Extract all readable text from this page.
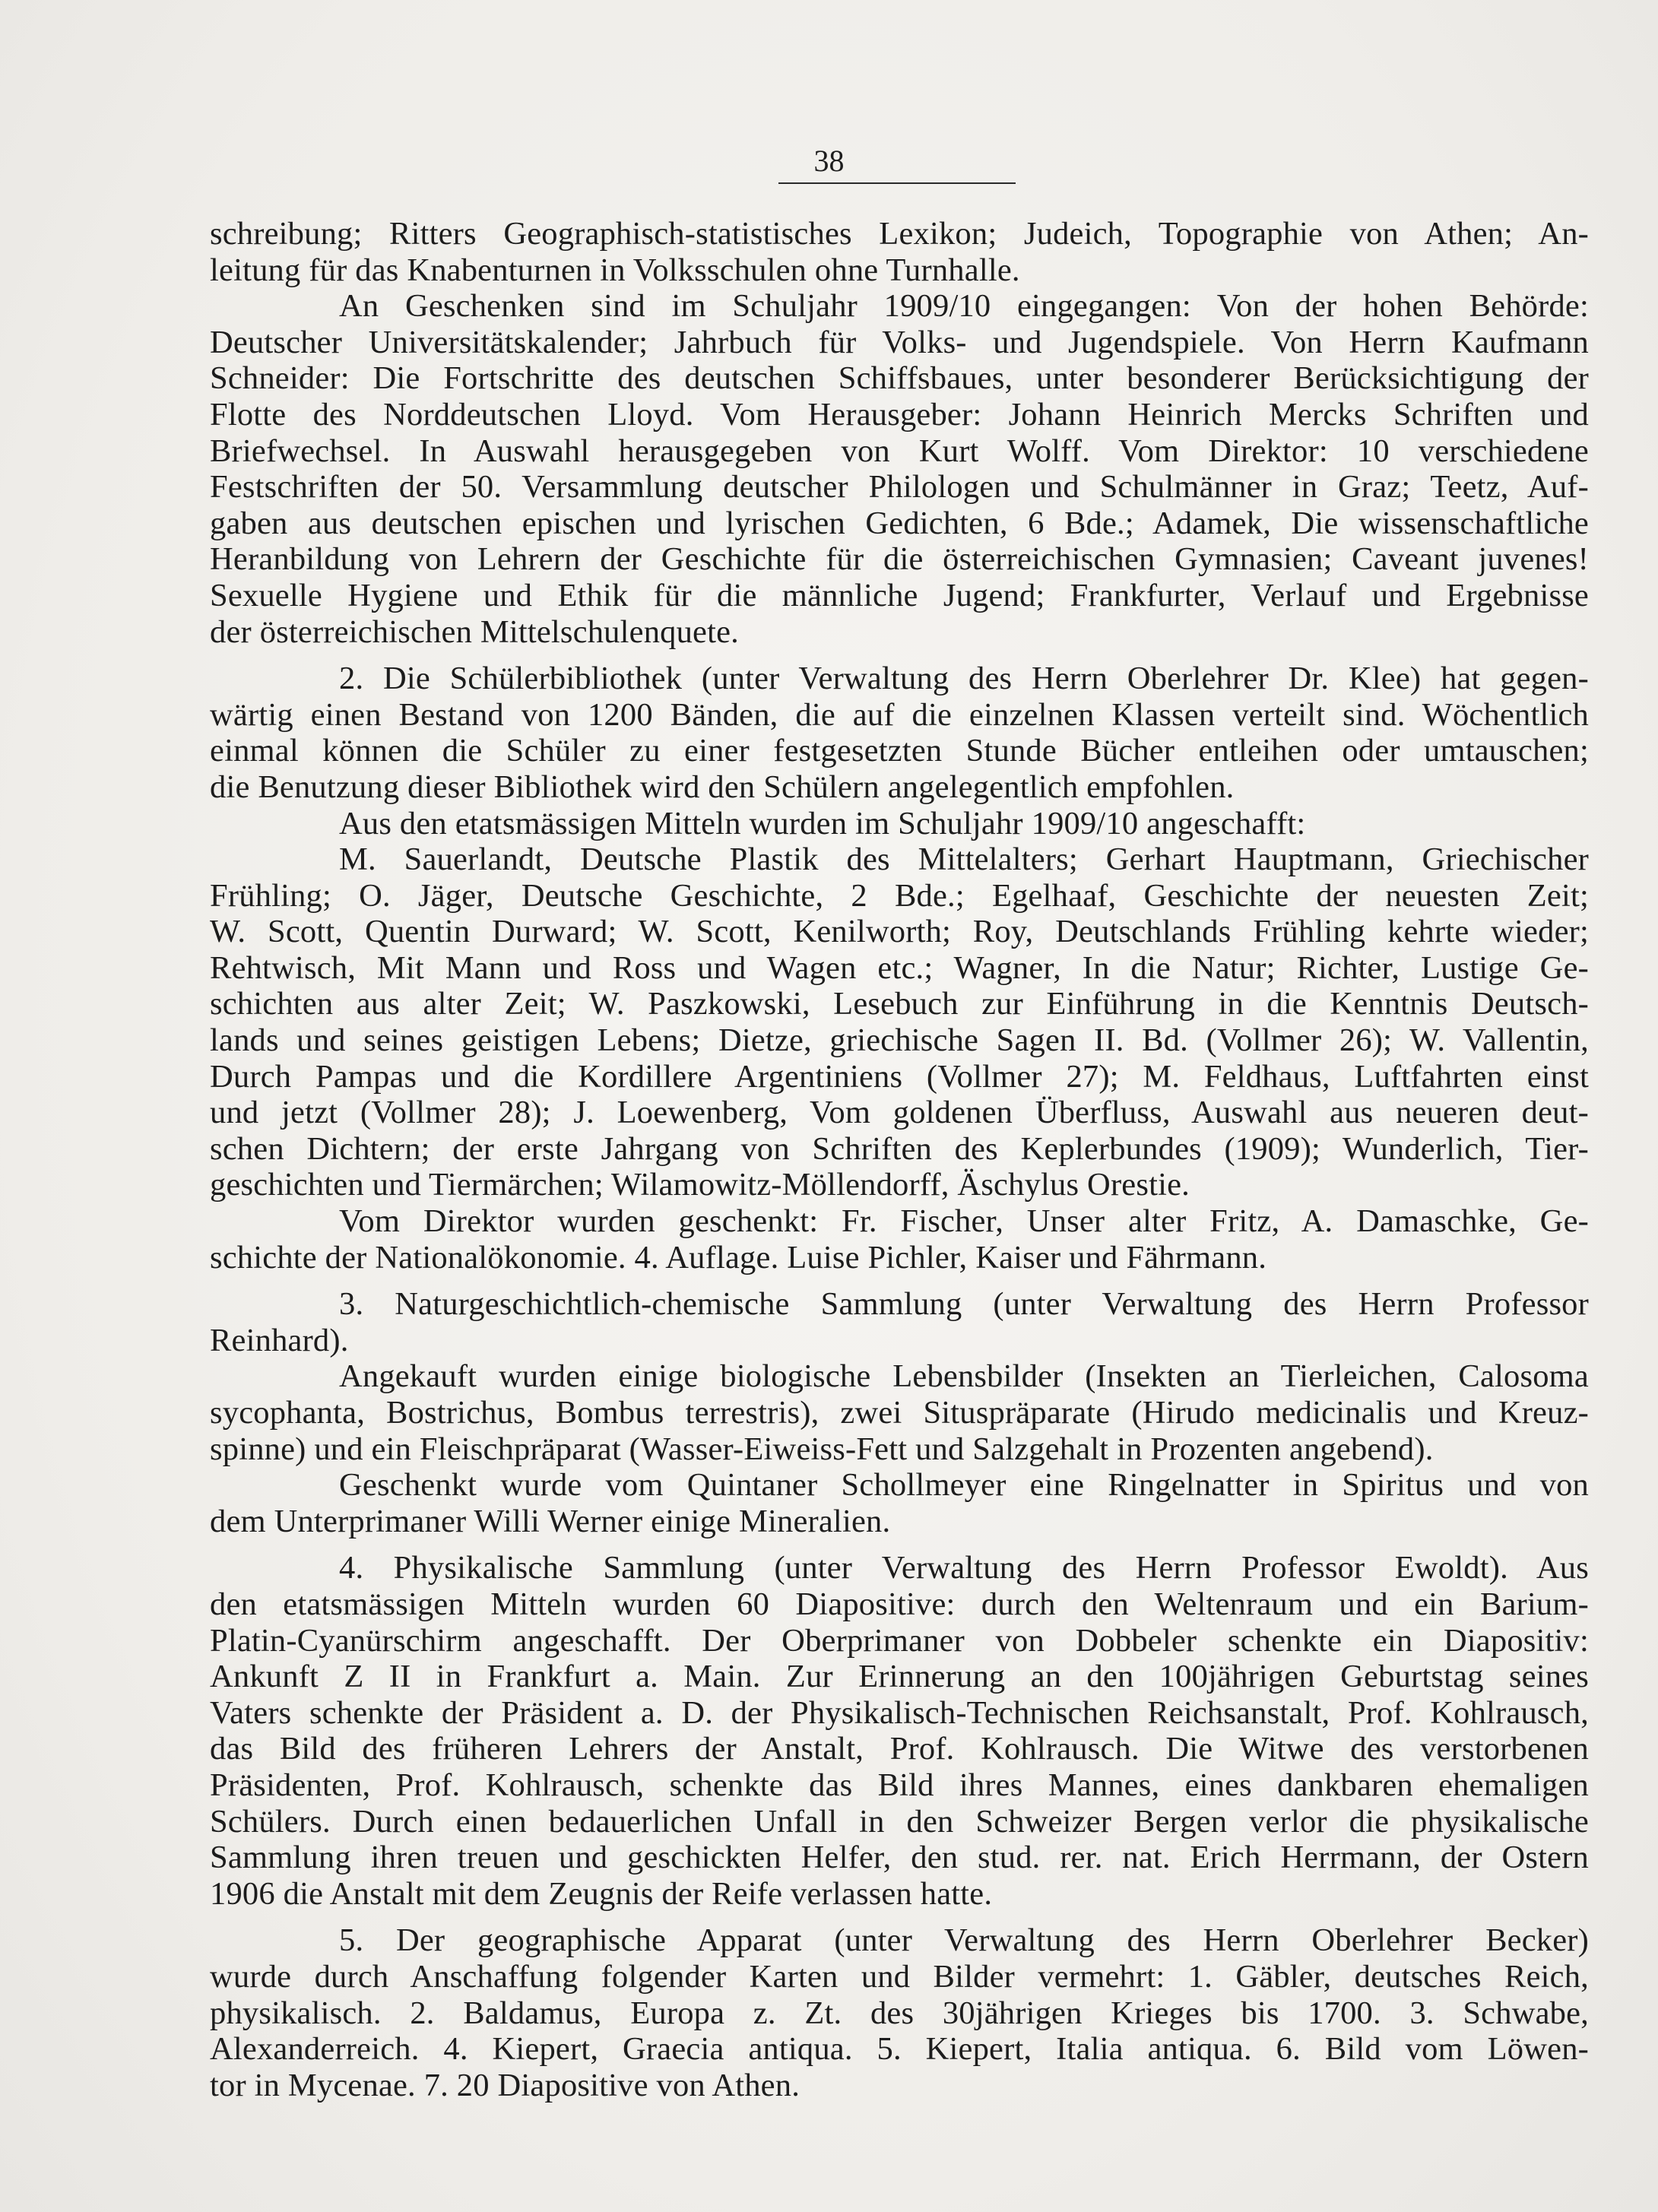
38
schreibung; Ritters Geographisch-statistisches Lexikon; Judeich, Topographie von Athen; An-
leitung für das Knabenturnen in Volksschulen ohne Turnhalle.
An Geschenken sind im Schuljahr 1909/10 eingegangen: Von der hohen Behörde:
Deutscher Universitätskalender; Jahrbuch für Volks- und Jugendspiele. Von Herrn Kaufmann
Schneider: Die Fortschritte des deutschen Schiffsbaues, unter besonderer Berücksichtigung der
Flotte des Norddeutschen Lloyd. Vom Herausgeber: Johann Heinrich Mercks Schriften und
Briefwechsel. In Auswahl herausgegeben von Kurt Wolff. Vom Direktor: 10 verschiedene
Festschriften der 50. Versammlung deutscher Philologen und Schulmänner in Graz; Teetz, Auf-
gaben aus deutschen epischen und lyrischen Gedichten, 6 Bde.; Adamek, Die wissenschaftliche
Heranbildung von Lehrern der Geschichte für die österreichischen Gymnasien; Caveant juvenes!
Sexuelle Hygiene und Ethik für die männliche Jugend; Frankfurter, Verlauf und Ergebnisse
der österreichischen Mittelschulenquete.
2. Die Schülerbibliothek (unter Verwaltung des Herrn Oberlehrer Dr. Klee) hat gegen-
wärtig einen Bestand von 1200 Bänden, die auf die einzelnen Klassen verteilt sind. Wöchentlich
einmal können die Schüler zu einer festgesetzten Stunde Bücher entleihen oder umtauschen;
die Benutzung dieser Bibliothek wird den Schülern angelegentlich empfohlen.
Aus den etatsmässigen Mitteln wurden im Schuljahr 1909/10 angeschafft:
M. Sauerlandt, Deutsche Plastik des Mittelalters; Gerhart Hauptmann, Griechischer
Frühling; O. Jäger, Deutsche Geschichte, 2 Bde.; Egelhaaf, Geschichte der neuesten Zeit;
W. Scott, Quentin Durward; W. Scott, Kenilworth; Roy, Deutschlands Frühling kehrte wieder;
Rehtwisch, Mit Mann und Ross und Wagen etc.; Wagner, In die Natur; Richter, Lustige Ge-
schichten aus alter Zeit; W. Paszkowski, Lesebuch zur Einführung in die Kenntnis Deutsch-
lands und seines geistigen Lebens; Dietze, griechische Sagen II. Bd. (Vollmer 26); W. Vallentin,
Durch Pampas und die Kordillere Argentiniens (Vollmer 27); M. Feldhaus, Luftfahrten einst
und jetzt (Vollmer 28); J. Loewenberg, Vom goldenen Überfluss, Auswahl aus neueren deut-
schen Dichtern; der erste Jahrgang von Schriften des Keplerbundes (1909); Wunderlich, Tier-
geschichten und Tiermärchen; Wilamowitz-Möllendorff, Äschylus Orestie.
Vom Direktor wurden geschenkt: Fr. Fischer, Unser alter Fritz, A. Damaschke, Ge-
schichte der Nationalökonomie. 4. Auflage. Luise Pichler, Kaiser und Fährmann.
3. Naturgeschichtlich-chemische Sammlung (unter Verwaltung des Herrn Professor
Reinhard).
Angekauft wurden einige biologische Lebensbilder (Insekten an Tierleichen, Calosoma
sycophanta, Bostrichus, Bombus terrestris), zwei Situspräparate (Hirudo medicinalis und Kreuz-
spinne) und ein Fleischpräparat (Wasser-Eiweiss-Fett und Salzgehalt in Prozenten angebend).
Geschenkt wurde vom Quintaner Schollmeyer eine Ringelnatter in Spiritus und von
dem Unterprimaner Willi Werner einige Mineralien.
4. Physikalische Sammlung (unter Verwaltung des Herrn Professor Ewoldt). Aus
den etatsmässigen Mitteln wurden 60 Diapositive: durch den Weltenraum und ein Barium-
Platin-Cyanürschirm angeschafft. Der Oberprimaner von Dobbeler schenkte ein Diapositiv:
Ankunft Z II in Frankfurt a. Main. Zur Erinnerung an den 100jährigen Geburtstag seines
Vaters schenkte der Präsident a. D. der Physikalisch-Technischen Reichsanstalt, Prof. Kohlrausch,
das Bild des früheren Lehrers der Anstalt, Prof. Kohlrausch. Die Witwe des verstorbenen
Präsidenten, Prof. Kohlrausch, schenkte das Bild ihres Mannes, eines dankbaren ehemaligen
Schülers. Durch einen bedauerlichen Unfall in den Schweizer Bergen verlor die physikalische
Sammlung ihren treuen und geschickten Helfer, den stud. rer. nat. Erich Herrmann, der Ostern
1906 die Anstalt mit dem Zeugnis der Reife verlassen hatte.
5. Der geographische Apparat (unter Verwaltung des Herrn Oberlehrer Becker)
wurde durch Anschaffung folgender Karten und Bilder vermehrt: 1. Gäbler, deutsches Reich,
physikalisch. 2. Baldamus, Europa z. Zt. des 30jährigen Krieges bis 1700. 3. Schwabe,
Alexanderreich. 4. Kiepert, Graecia antiqua. 5. Kiepert, Italia antiqua. 6. Bild vom Löwen-
tor in Mycenae. 7. 20 Diapositive von Athen.
